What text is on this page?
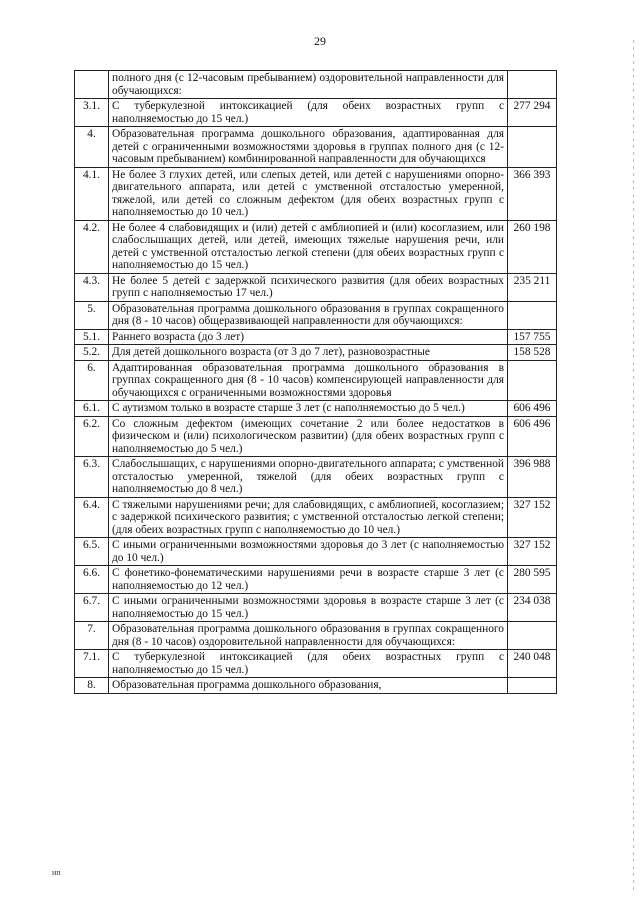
29
	полного дня (с 12-часовым пребыванием) оздоровительной направленности для обучающихся:	
3.1.	С туберкулезной интоксикацией (для обеих возрастных групп с наполняемостью до 15 чел.)	277 294
4.	Образовательная программа дошкольного образования, адаптированная для детей с ограниченными возможностями здоровья в группах полного дня (с 12-часовым пребыванием) комбинированной направленности для обучающихся	
4.1.	Не более 3 глухих детей, или слепых детей, или детей с нарушениями опорно-двигательного аппарата, или детей с умственной отсталостью умеренной, тяжелой, или детей со сложным дефектом (для обеих возрастных групп с наполняемостью до 10 чел.)	366 393
4.2.	Не более 4 слабовидящих и (или) детей с амблиопией и (или) косоглазием, или слабослышащих детей, или детей, имеющих тяжелые нарушения речи, или детей с умственной отсталостью легкой степени (для обеих возрастных групп с наполняемостью до 15 чел.)	260 198
4.3.	Не более 5 детей с задержкой психического развития (для обеих возрастных групп с наполняемостью 17 чел.)	235 211
5.	Образовательная программа дошкольного образования в группах сокращенного дня (8 - 10 часов) общеразвивающей направленности для обучающихся:	
5.1.	Раннего возраста (до 3 лет)	157 755
5.2.	Для детей дошкольного возраста (от 3 до 7 лет), разновозрастные	158 528
6.	Адаптированная образовательная программа дошкольного образования в группах сокращенного дня (8 - 10 часов) компенсирующей направленности для обучающихся с ограниченными возможностями здоровья	
6.1.	С аутизмом только в возрасте старше 3 лет (с наполняемостью до 5 чел.)	606 496
6.2.	Со сложным дефектом (имеющих сочетание 2 или более недостатков в физическом и (или) психологическом развитии) (для обеих возрастных групп с наполняемостью до 5 чел.)	606 496
6.3.	Слабослышащих, с нарушениями опорно-двигательного аппарата; с умственной отсталостью умеренной, тяжелой (для обеих возрастных групп с наполняемостью до 8 чел.)	396 988
6.4.	С тяжелыми нарушениями речи; для слабовидящих, с амблиопией, косоглазием; с задержкой психического развития; с умственной отсталостью легкой степени; (для обеих возрастных групп с наполняемостью до 10 чел.)	327 152
6.5.	С иными ограниченными возможностями здоровья до 3 лет (с наполняемостью до 10 чел.)	327 152
6.6.	С фонетико-фонематическими нарушениями речи в возрасте старше 3 лет (с наполняемостью до 12 чел.)	280 595
6.7.	С иными ограниченными возможностями здоровья в возрасте старше 3 лет (с наполняемостью до 15 чел.)	234 038
7.	Образовательная программа дошкольного образования в группах сокращенного дня (8 - 10 часов) оздоровительной направленности для обучающихся:	
7.1.	С туберкулезной интоксикацией (для обеих возрастных групп с наполняемостью до 15 чел.)	240 048
8.	Образовательная программа дошкольного образования,	
ип
